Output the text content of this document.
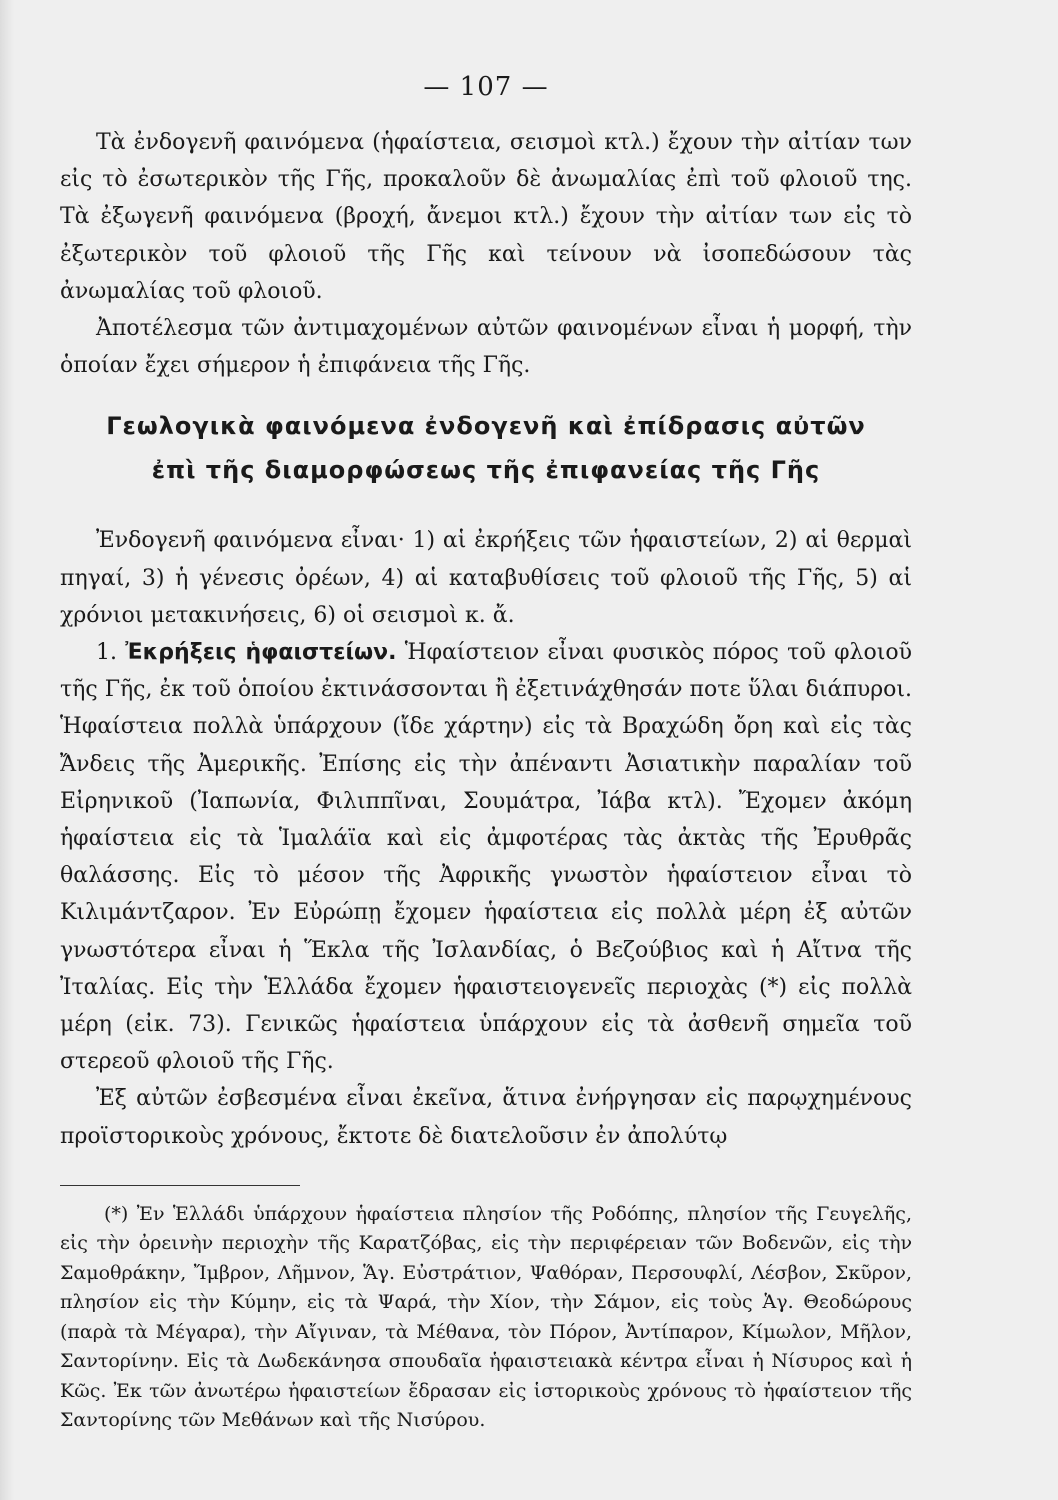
— 107 —

Τὰ ἐνδογενῆ φαινόμενα (ἡφαίστεια, σεισμοὶ κτλ.) ἔχουν τὴν αἰτίαν των εἰς τὸ ἐσωτερικὸν τῆς Γῆς, προκαλοῦν δὲ ἀνωμαλίας ἐπὶ τοῦ φλοιοῦ της. Τὰ ἐξωγενῆ φαινόμενα (βροχή, ἄνεμοι κτλ.) ἔχουν τὴν αἰτίαν των εἰς τὸ ἐξωτερικὸν τοῦ φλοιοῦ τῆς Γῆς καὶ τείνουν νὰ ἰσοπεδώσουν τὰς ἀνωμαλίας τοῦ φλοιοῦ.

Ἀποτέλεσμα τῶν ἀντιμαχομένων αὐτῶν φαινομένων εἶναι ἡ μορφή, τὴν ὁποίαν ἔχει σήμερον ἡ ἐπιφάνεια τῆς Γῆς.

Γεωλογικὰ φαινόμενα ἐνδογενῆ καὶ ἐπίδρασις αὐτῶν
ἐπὶ τῆς διαμορφώσεως τῆς ἐπιφανείας τῆς Γῆς

Ἐνδογενῆ φαινόμενα εἶναι· 1) αἱ ἐκρήξεις τῶν ἡφαιστείων, 2) αἱ θερμαὶ πηγαί, 3) ἡ γένεσις ὀρέων, 4) αἱ καταβυθίσεις τοῦ φλοιοῦ τῆς Γῆς, 5) αἱ χρόνιοι μετακινήσεις, 6) οἱ σεισμοὶ κ. ἄ.

1. Ἐκρήξεις ἡφαιστείων. Ἡφαίστειον εἶναι φυσικὸς πόρος τοῦ φλοιοῦ τῆς Γῆς, ἐκ τοῦ ὁποίου ἐκτινάσσονται ἢ ἐξετινάχθησάν ποτε ὕλαι διάπυροι. Ἡφαίστεια πολλὰ ὑπάρχουν (ἴδε χάρτην) εἰς τὰ Βραχώδη ὄρη καὶ εἰς τὰς Ἄνδεις τῆς Ἀμερικῆς. Ἐπίσης εἰς τὴν ἀπέναντι Ἀσιατικὴν παραλίαν τοῦ Εἰρηνικοῦ (Ἰαπωνία, Φιλιππῖναι, Σουμάτρα, Ἰάβα κτλ). Ἔχομεν ἀκόμη ἡφαίστεια εἰς τὰ Ἱμαλάϊα καὶ εἰς ἀμφοτέρας τὰς ἀκτὰς τῆς Ἐρυθρᾶς θαλάσσης. Εἰς τὸ μέσον τῆς Ἀφρικῆς γνωστὸν ἡφαίστειον εἶναι τὸ Κιλιμάντζαρον. Ἐν Εὐρώπῃ ἔχομεν ἡφαίστεια εἰς πολλὰ μέρη ἐξ αὐτῶν γνωστότερα εἶναι ἡ Ἕκλα τῆς Ἰσλανδίας, ὁ Βεζούβιος καὶ ἡ Αἴτνα τῆς Ἰταλίας. Εἰς τὴν Ἑλλάδα ἔχομεν ἡφαιστειογενεῖς περιοχὰς (*) εἰς πολλὰ μέρη (εἰκ. 73). Γενικῶς ἡφαίστεια ὑπάρχουν εἰς τὰ ἀσθενῆ σημεῖα τοῦ στερεοῦ φλοιοῦ τῆς Γῆς.

Ἐξ αὐτῶν ἐσβεσμένα εἶναι ἐκεῖνα, ἅτινα ἐνήργησαν εἰς παρῳχημένους προϊστορικοὺς χρόνους, ἔκτοτε δὲ διατελοῦσιν ἐν ἀπολύτῳ

(*) Ἐν Ἑλλάδι ὑπάρχουν ἡφαίστεια πλησίον τῆς Ροδόπης, πλησίον τῆς Γευγελῆς, εἰς τὴν ὀρεινὴν περιοχὴν τῆς Καρατζόβας, εἰς τὴν περιφέρειαν τῶν Βοδενῶν, εἰς τὴν Σαμοθράκην, Ἴμβρον, Λῆμνον, Ἅγ. Εὐστράτιον, Ψαθόραν, Περσουφλί, Λέσβον, Σκῦρον, πλησίον εἰς τὴν Κύμην, εἰς τὰ Ψαρά, τὴν Χίον, τὴν Σάμον, εἰς τοὺς Ἁγ. Θεοδώρους (παρὰ τὰ Μέγαρα), τὴν Αἴγιναν, τὰ Μέθανα, τὸν Πόρον, Ἀντίπαρον, Κίμωλον, Μῆλον, Σαντορίνην. Εἰς τὰ Δωδεκάνησα σπουδαῖα ἡφαιστειακὰ κέντρα εἶναι ἡ Νίσυρος καὶ ἡ Κῶς. Ἐκ τῶν ἀνωτέρω ἡφαιστείων ἔδρασαν εἰς ἱστορικοὺς χρόνους τὸ ἡφαίστειον τῆς Σαντορίνης τῶν Μεθάνων καὶ τῆς Νισύρου.
